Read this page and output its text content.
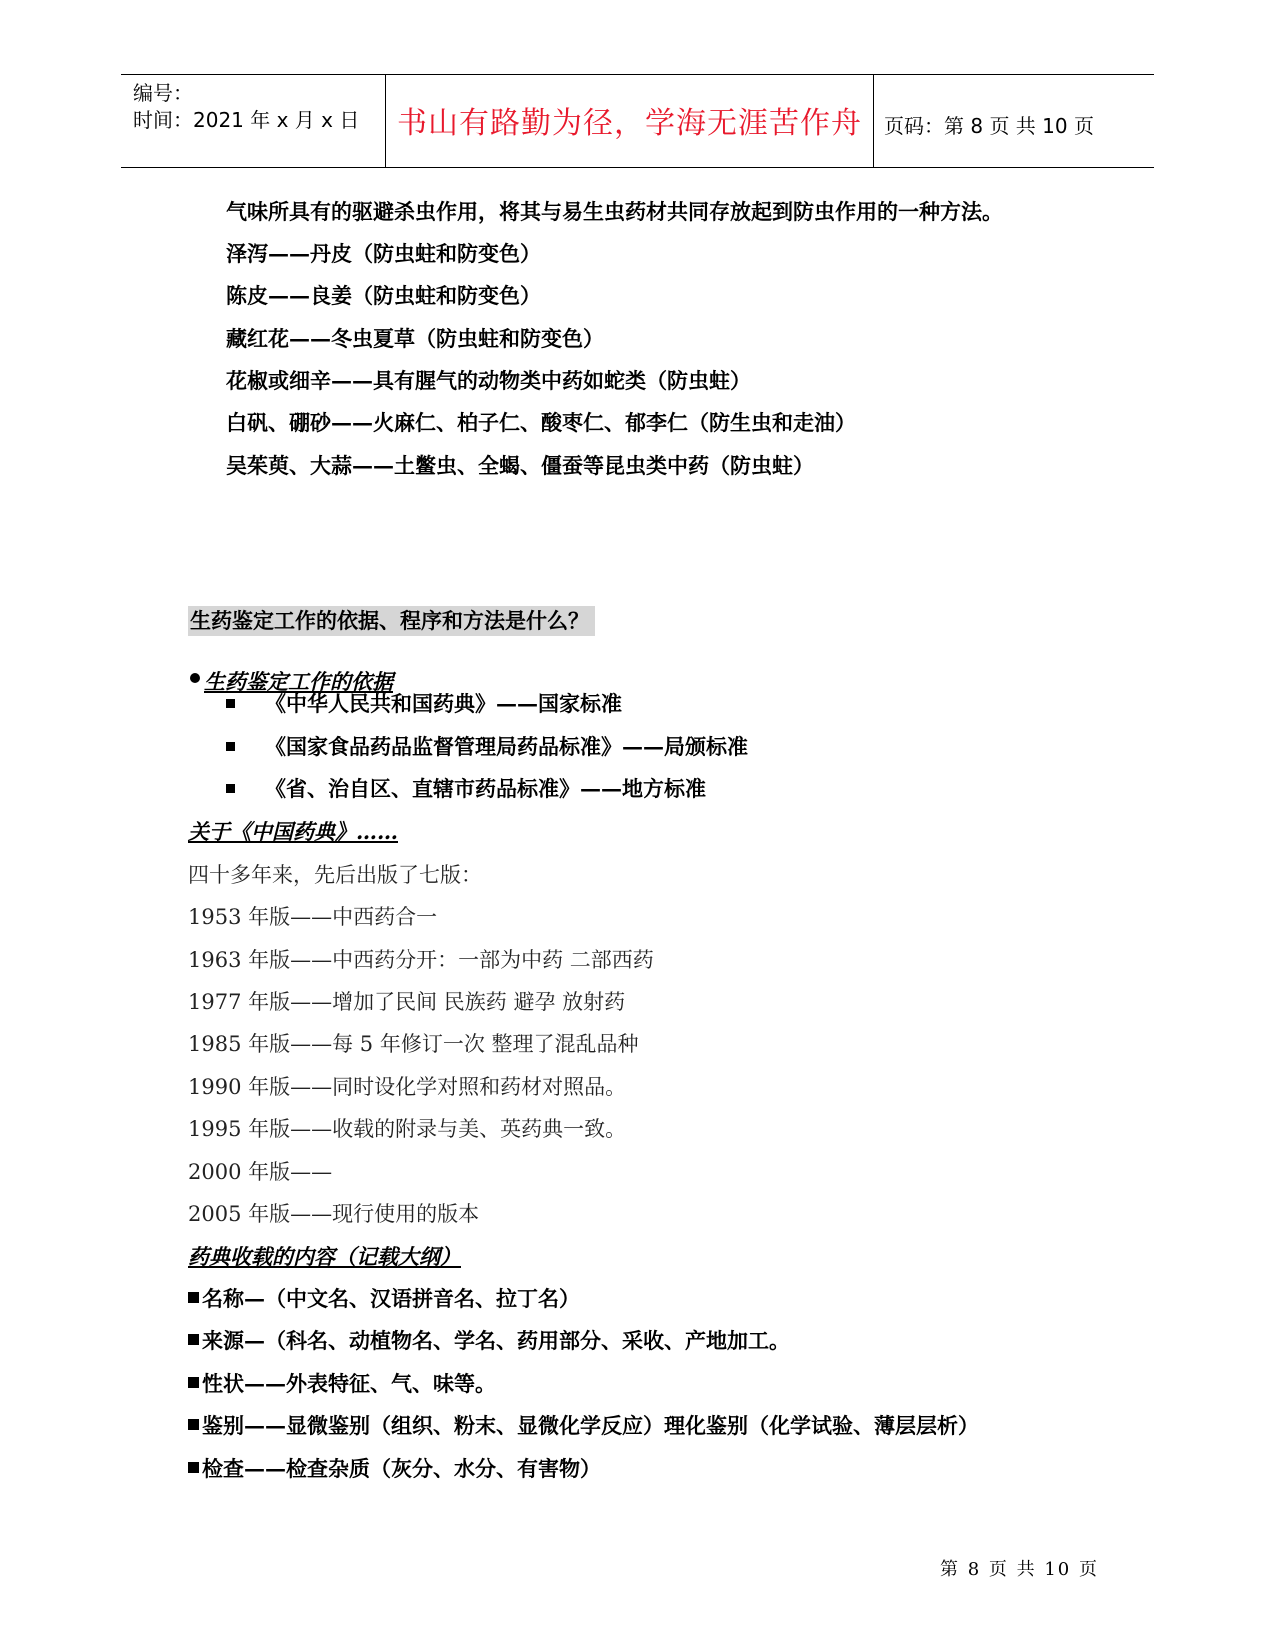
编号：
时间：2021 年 x 月 x 日	书山有路勤为径，学海无涯苦作舟	页码：第 8 页 共 10 页
气味所具有的驱避杀虫作用，将其与易生虫药材共同存放起到防虫作用的一种方法。
泽泻——丹皮（防虫蛀和防变色）
陈皮——良姜（防虫蛀和防变色）
藏红花——冬虫夏草（防虫蛀和防变色）
花椒或细辛——具有腥气的动物类中药如蛇类（防虫蛀）
白矾、硼砂——火麻仁、柏子仁、酸枣仁、郁李仁（防生虫和走油）
吴茱萸、大蒜——土鳖虫、全蝎、僵蚕等昆虫类中药（防虫蛀）
生药鉴定工作的依据、程序和方法是什么？
生药鉴定工作的依据
《中华人民共和国药典》——国家标准
《国家食品药品监督管理局药品标准》——局颁标准
《省、治自区、直辖市药品标准》——地方标准
关于《中国药典》……
四十多年来，先后出版了七版：
1953 年版——中西药合一
1963 年版——中西药分开：一部为中药 二部西药
1977 年版——增加了民间 民族药 避孕 放射药
1985 年版——每 5 年修订一次 整理了混乱品种
1990 年版——同时设化学对照和药材对照品。
1995 年版——收载的附录与美、英药典一致。
2000 年版——
2005 年版——现行使用的版本
药典收载的内容（记载大纲）
名称—（中文名、汉语拼音名、拉丁名）
来源—（科名、动植物名、学名、药用部分、采收、产地加工。
性状——外表特征、气、味等。
鉴别——显微鉴别（组织、粉末、显微化学反应）理化鉴别（化学试验、薄层层析）
检查——检查杂质（灰分、水分、有害物）
第 8 页 共 10 页
